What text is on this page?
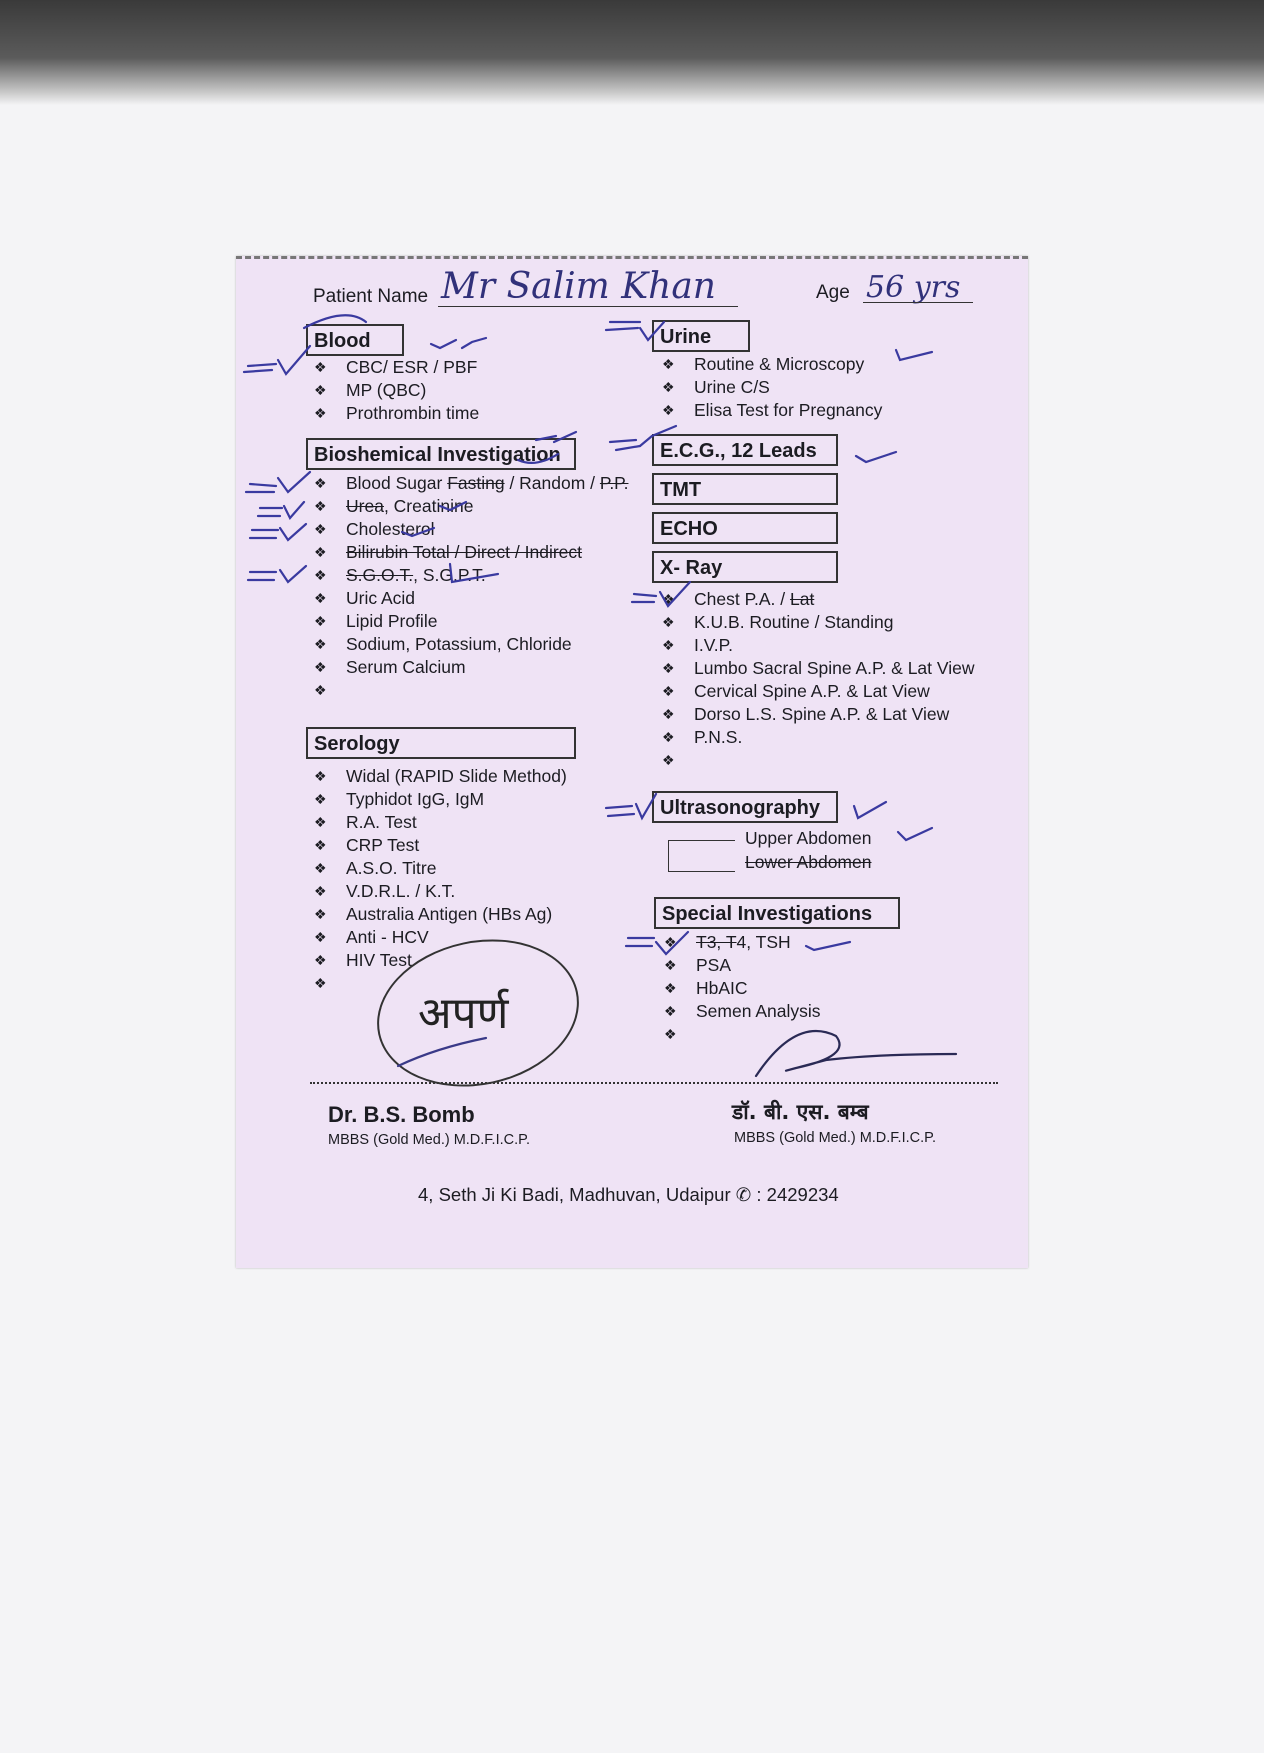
Patient Name Mr Salim Khan	Age 56 yrs
Blood
❖ CBC/ ESR / PBF
❖ MP (QBC)
❖ Prothrombin time
Bioshemical Investigation
❖ Blood Sugar Fasting / Random / P.P.
❖ Urea, Creatinine
❖ Cholesterol
❖ Bilirubin Total / Direct / Indirect
❖ S.G.O.T., S.G.P.T.
❖ Uric Acid
❖ Lipid Profile
❖ Sodium, Potassium, Chloride
❖ Serum Calcium
❖
Serology
❖ Widal (RAPID Slide Method)
❖ Typhidot IgG, IgM
❖ R.A. Test
❖ CRP Test
❖ A.S.O. Titre
❖ V.D.R.L. / K.T.
❖ Australia Antigen (HBs Ag)
❖ Anti - HCV
❖ HIV Test
❖
Urine
❖ Routine & Microscopy
❖ Urine C/S
❖ Elisa Test for Pregnancy
E.C.G., 12 Leads
TMT
ECHO
X- Ray
❖ Chest P.A. / Lat
❖ K.U.B. Routine / Standing
❖ I.V.P.
❖ Lumbo Sacral Spine A.P. & Lat View
❖ Cervical Spine A.P. & Lat View
❖ Dorso L.S. Spine A.P. & Lat View
❖ P.N.S.
❖
Ultrasonography
Upper Abdomen
Lower Abdomen
Special Investigations
❖ T3, T4, TSH
❖ PSA
❖ HbAIC
❖ Semen Analysis
❖
अपर्ण
Dr. B.S. Bomb
MBBS (Gold Med.) M.D.F.I.C.P.
डॉ. बी. एस. बम्ब
MBBS (Gold Med.) M.D.F.I.C.P.
4, Seth Ji Ki Badi, Madhuvan, Udaipur ✆ : 2429234
